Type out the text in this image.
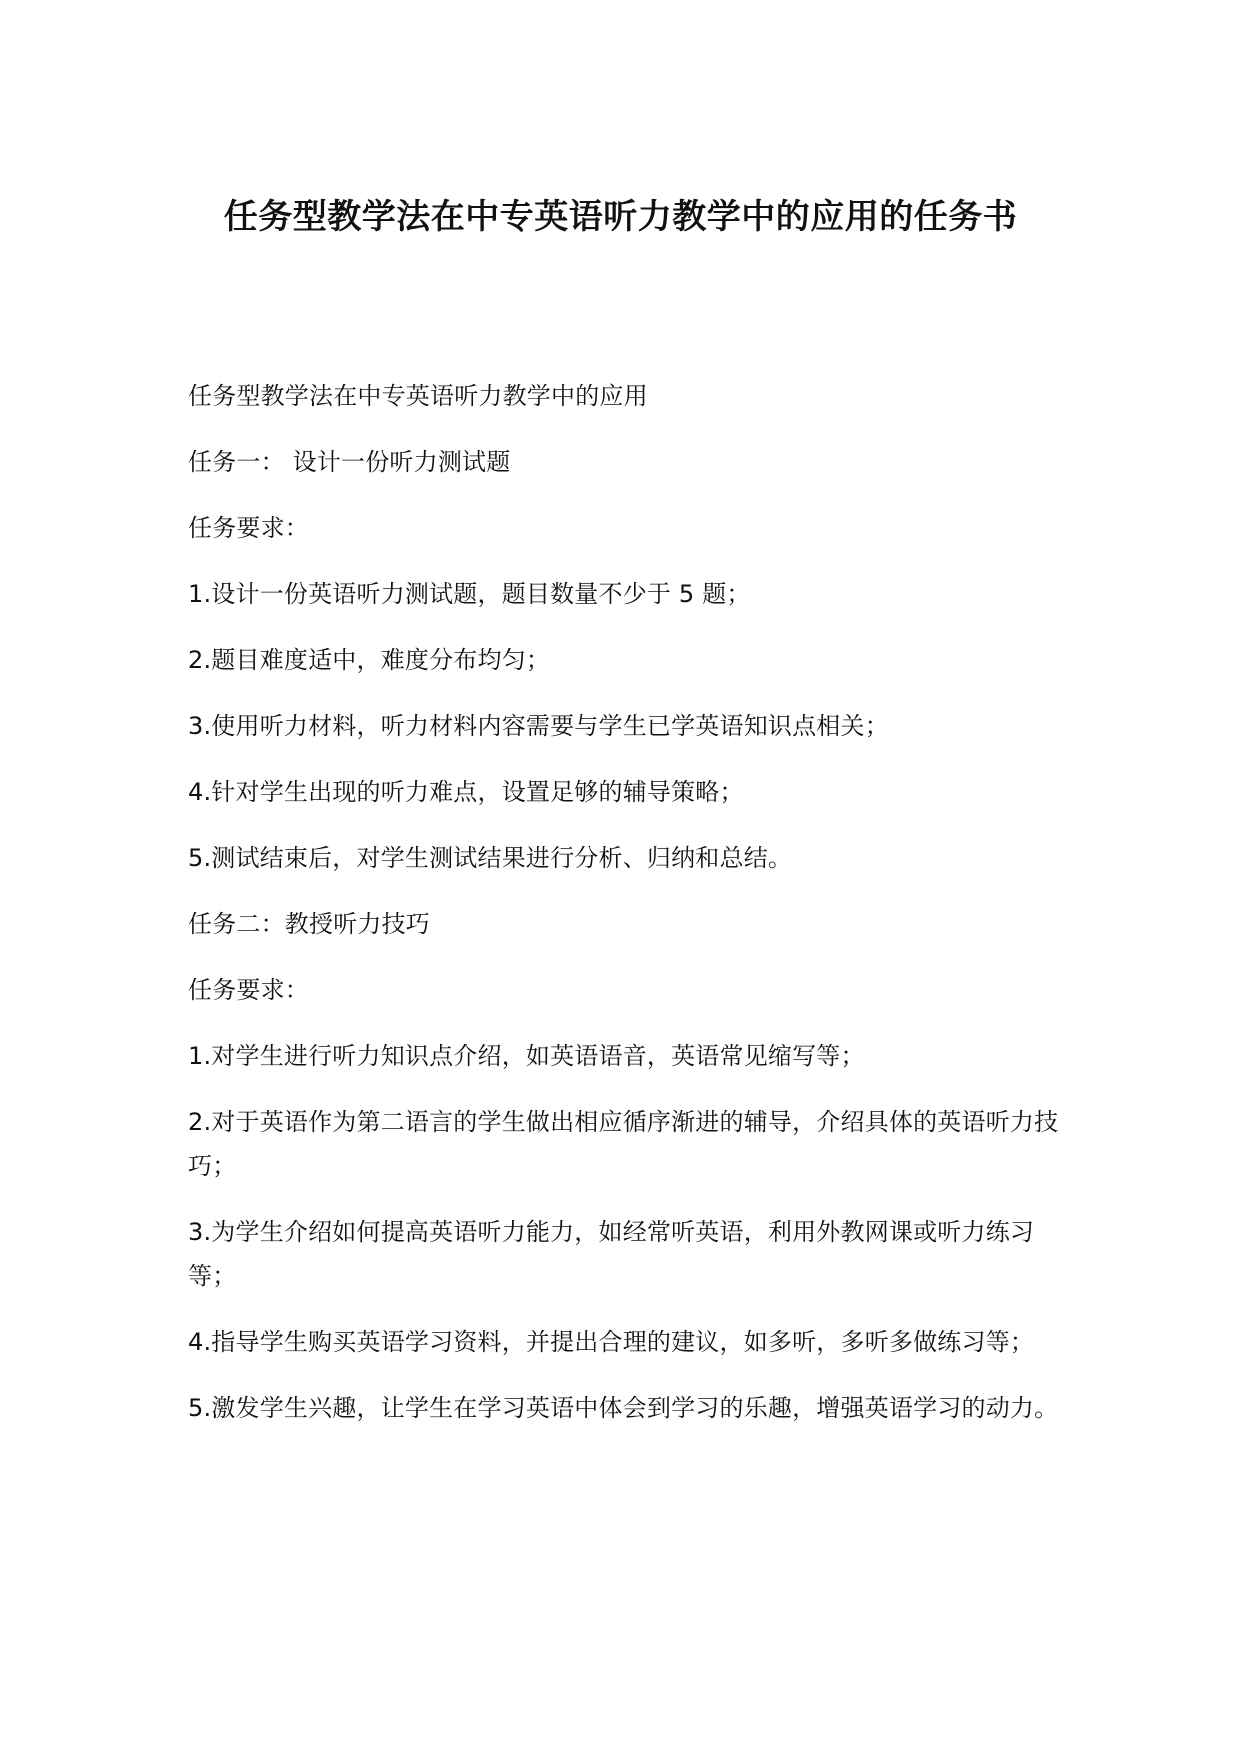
任务型教学法在中专英语听力教学中的应用的任务书

任务型教学法在中专英语听力教学中的应用

任务一： 设计一份听力测试题

任务要求：

1.设计一份英语听力测试题，题目数量不少于 5 题；

2.题目难度适中，难度分布均匀；

3.使用听力材料，听力材料内容需要与学生已学英语知识点相关；

4.针对学生出现的听力难点，设置足够的辅导策略；

5.测试结束后，对学生测试结果进行分析、归纳和总结。

任务二：教授听力技巧

任务要求：

1.对学生进行听力知识点介绍，如英语语音，英语常见缩写等；

2.对于英语作为第二语言的学生做出相应循序渐进的辅导，介绍具体的英语听力技巧；

3.为学生介绍如何提高英语听力能力，如经常听英语，利用外教网课或听力练习等；

4.指导学生购买英语学习资料，并提出合理的建议，如多听，多听多做练习等；

5.激发学生兴趣，让学生在学习英语中体会到学习的乐趣，增强英语学习的动力。
